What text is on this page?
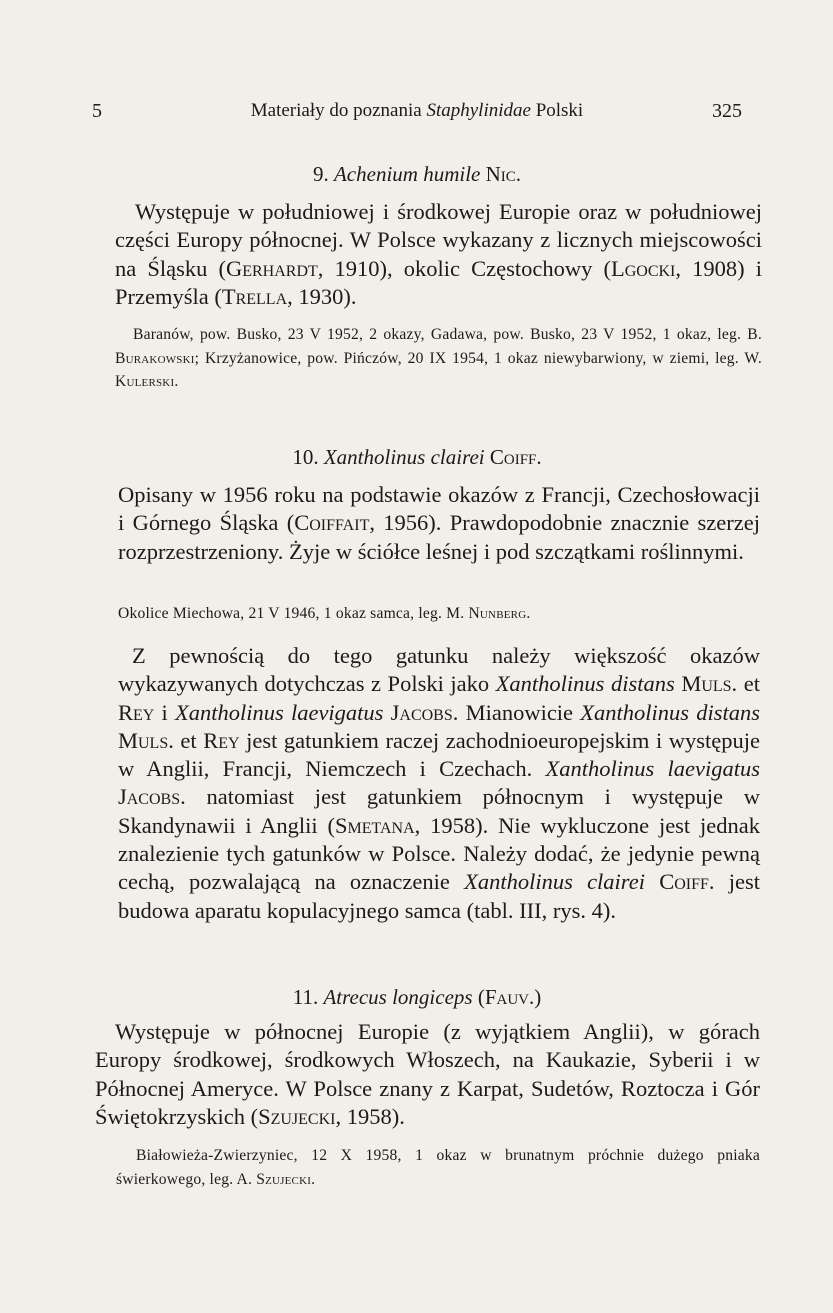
5	Materiały do poznania Staphylinidae Polski	325
9. Achenium humile Nic.
Występuje w południowej i środkowej Europie oraz w południowej części Europy północnej. W Polsce wykazany z licznych miejscowości na Śląsku (Gerhardt, 1910), okolic Częstochowy (Lgocki, 1908) i Przemyśla (Trella, 1930).
Baranów, pow. Busko, 23 V 1952, 2 okazy, Gadawa, pow. Busko, 23 V 1952, 1 okaz, leg. B. Burakowski; Krzyżanowice, pow. Pińczów, 20 IX 1954, 1 okaz niewybarwiony, w ziemi, leg. W. Kulerski.
10. Xantholinus clairei Coiff.
Opisany w 1956 roku na podstawie okazów z Francji, Czechosłowacji i Górnego Śląska (Coiffait, 1956). Prawdopodobnie znacznie szerzej rozprzestrzeniony. Żyje w ściółce leśnej i pod szczątkami roślinnymi.
Okolice Miechowa, 21 V 1946, 1 okaz samca, leg. M. Nunberg.
Z pewnością do tego gatunku należy większość okazów wykazywanych dotychczas z Polski jako Xantholinus distans Muls. et Rey i Xantholinus laevigatus Jacobs. Mianowicie Xantholinus distans Muls. et Rey jest gatunkiem raczej zachodnioeuropejskim i występuje w Anglii, Francji, Niemczech i Czechach. Xantholinus laevigatus Jacobs. natomiast jest gatunkiem północnym i występuje w Skandynawii i Anglii (Smetana, 1958). Nie wykluczone jest jednak znalezienie tych gatunków w Polsce. Należy dodać, że jedynie pewną cechą, pozwalającą na oznaczenie Xantholinus clairei Coiff. jest budowa aparatu kopulacyjnego samca (tabl. III, rys. 4).
11. Atrecus longiceps (Fauv.)
Występuje w północnej Europie (z wyjątkiem Anglii), w górach Europy środkowej, środkowych Włoszech, na Kaukazie, Syberii i w Północnej Ameryce. W Polsce znany z Karpat, Sudetów, Roztocza i Gór Świętokrzyskich (Szujecki, 1958).
Białowieża-Zwierzyniec, 12 X 1958, 1 okaz w brunatnym próchnie dużego pniaka świerkowego, leg. A. Szujecki.
